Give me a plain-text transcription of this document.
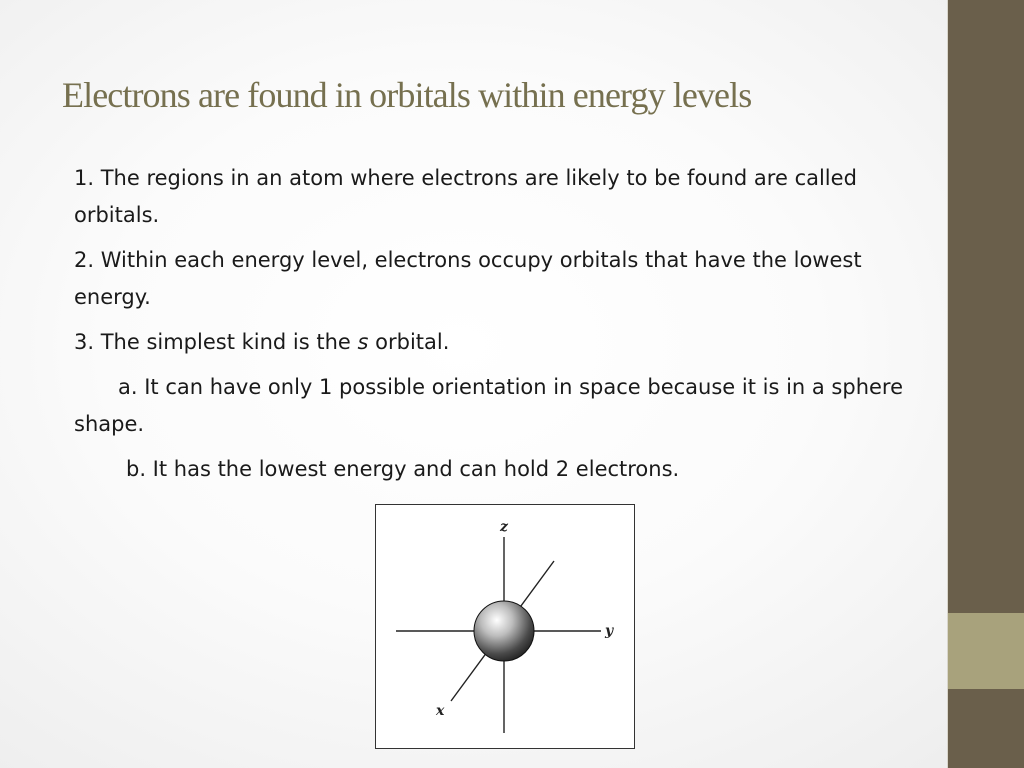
Electrons are found in orbitals within energy levels

1. The regions in an atom where electrons are likely to be found are called orbitals.

2. Within each energy level, electrons occupy orbitals that have the lowest energy.

3. The simplest kind is the s orbital.

a. It can have only 1 possible orientation in space because it is in a sphere shape.

b. It has the lowest energy and can hold 2 electrons.

z
y
x
